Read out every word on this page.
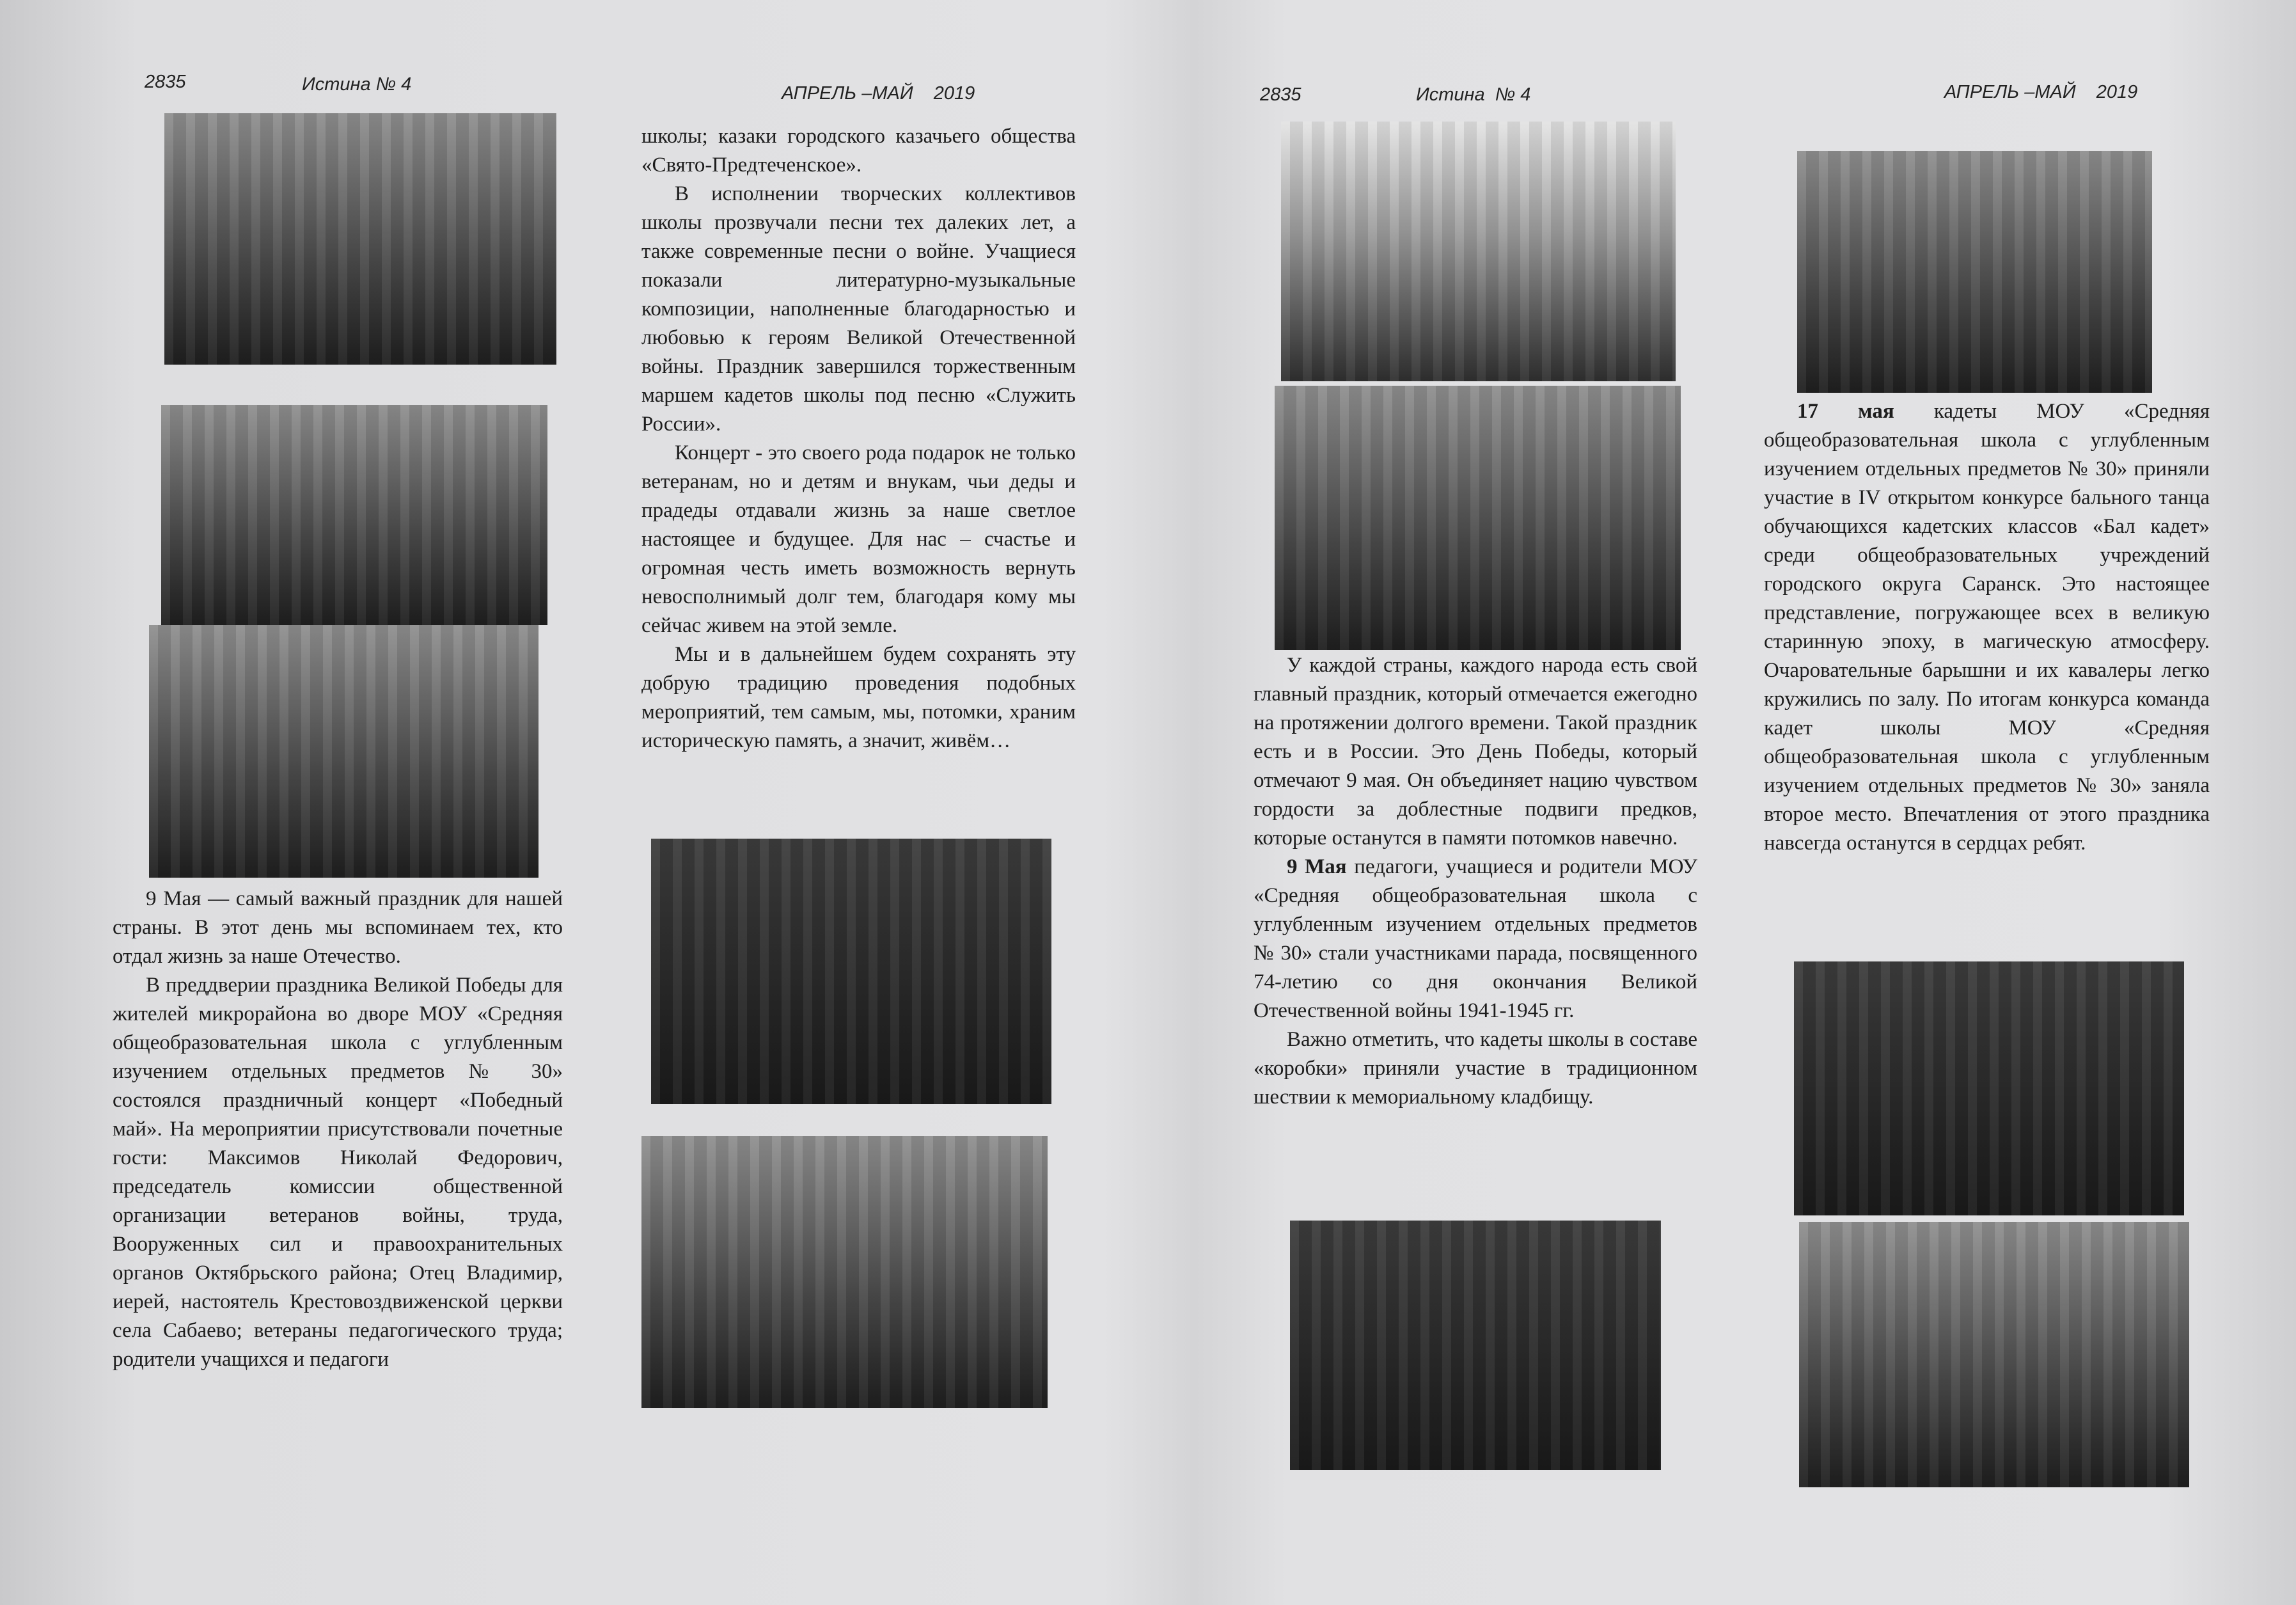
2835	Истина № 4	АПРЕЛЬ –МАЙ    2019

9 Мая — самый важный праздник для нашей страны. В этот день мы вспоминаем тех, кто отдал жизнь за наше Отечество.

В преддверии праздника Великой Победы для жителей микрорайона во дворе МОУ «Средняя общеобразовательная школа с углубленным изучением отдельных предметов № 30» состоялся праздничный концерт «Победный май». На мероприятии присутствовали почетные гости: Максимов Николай Федорович, председатель комиссии общественной организации ветеранов войны, труда, Вооруженных сил и правоохранительных органов Октябрьского района; Отец Владимир, иерей, настоятель Крестовоздвиженской церкви села Сабаево; ветераны педагогического труда; родители учащихся и педагоги

школы; казаки городского казачьего общества «Свято-Предтеченское».

В исполнении творческих коллективов школы прозвучали песни тех далеких лет, а также современные песни о войне. Учащиеся показали литературно-музыкальные композиции, наполненные благодарностью и любовью к героям Великой Отечественной войны. Праздник завершился торжественным маршем кадетов школы под песню «Служить России».

Концерт - это своего рода подарок не только ветеранам, но и детям и внукам, чьи деды и прадеды отдавали жизнь за наше светлое настоящее и будущее. Для нас – счастье и огромная честь иметь возможность вернуть невосполнимый долг тем, благодаря кому мы сейчас живем на этой земле.

Мы и в дальнейшем будем сохранять эту добрую традицию проведения подобных мероприятий, тем самым, мы, потомки, храним историческую память, а значит, живём…

2835	Истина  № 4	АПРЕЛЬ –МАЙ    2019

У каждой страны, каждого народа есть свой главный праздник, который отмечается ежегодно на протяжении долгого времени. Такой праздник есть и в России. Это День Победы, который отмечают 9 мая. Он объединяет нацию чувством гордости за доблестные подвиги предков, которые останутся в памяти потомков навечно.

9 Мая педагоги, учащиеся и родители МОУ «Средняя общеобразовательная школа с углубленным изучением отдельных предметов № 30» стали участниками парада, посвященного 74-летию со дня окончания Великой Отечественной войны 1941-1945 гг.

Важно отметить, что кадеты школы в составе «коробки» приняли участие в традиционном шествии к мемориальному кладбищу.

17 мая кадеты МОУ «Средняя общеобразовательная школа с углубленным изучением отдельных предметов № 30» приняли участие в IV открытом конкурсе бального танца обучающихся кадетских классов «Бал кадет» среди общеобразовательных учреждений городского округа Саранск. Это настоящее представление, погружающее всех в великую старинную эпоху, в магическую атмосферу. Очаровательные барышни и их кавалеры легко кружились по залу. По итогам конкурса команда кадет школы МОУ «Средняя общеобразовательная школа с углубленным изучением отдельных предметов № 30» заняла второе место. Впечатления от этого праздника навсегда останутся в сердцах ребят.
